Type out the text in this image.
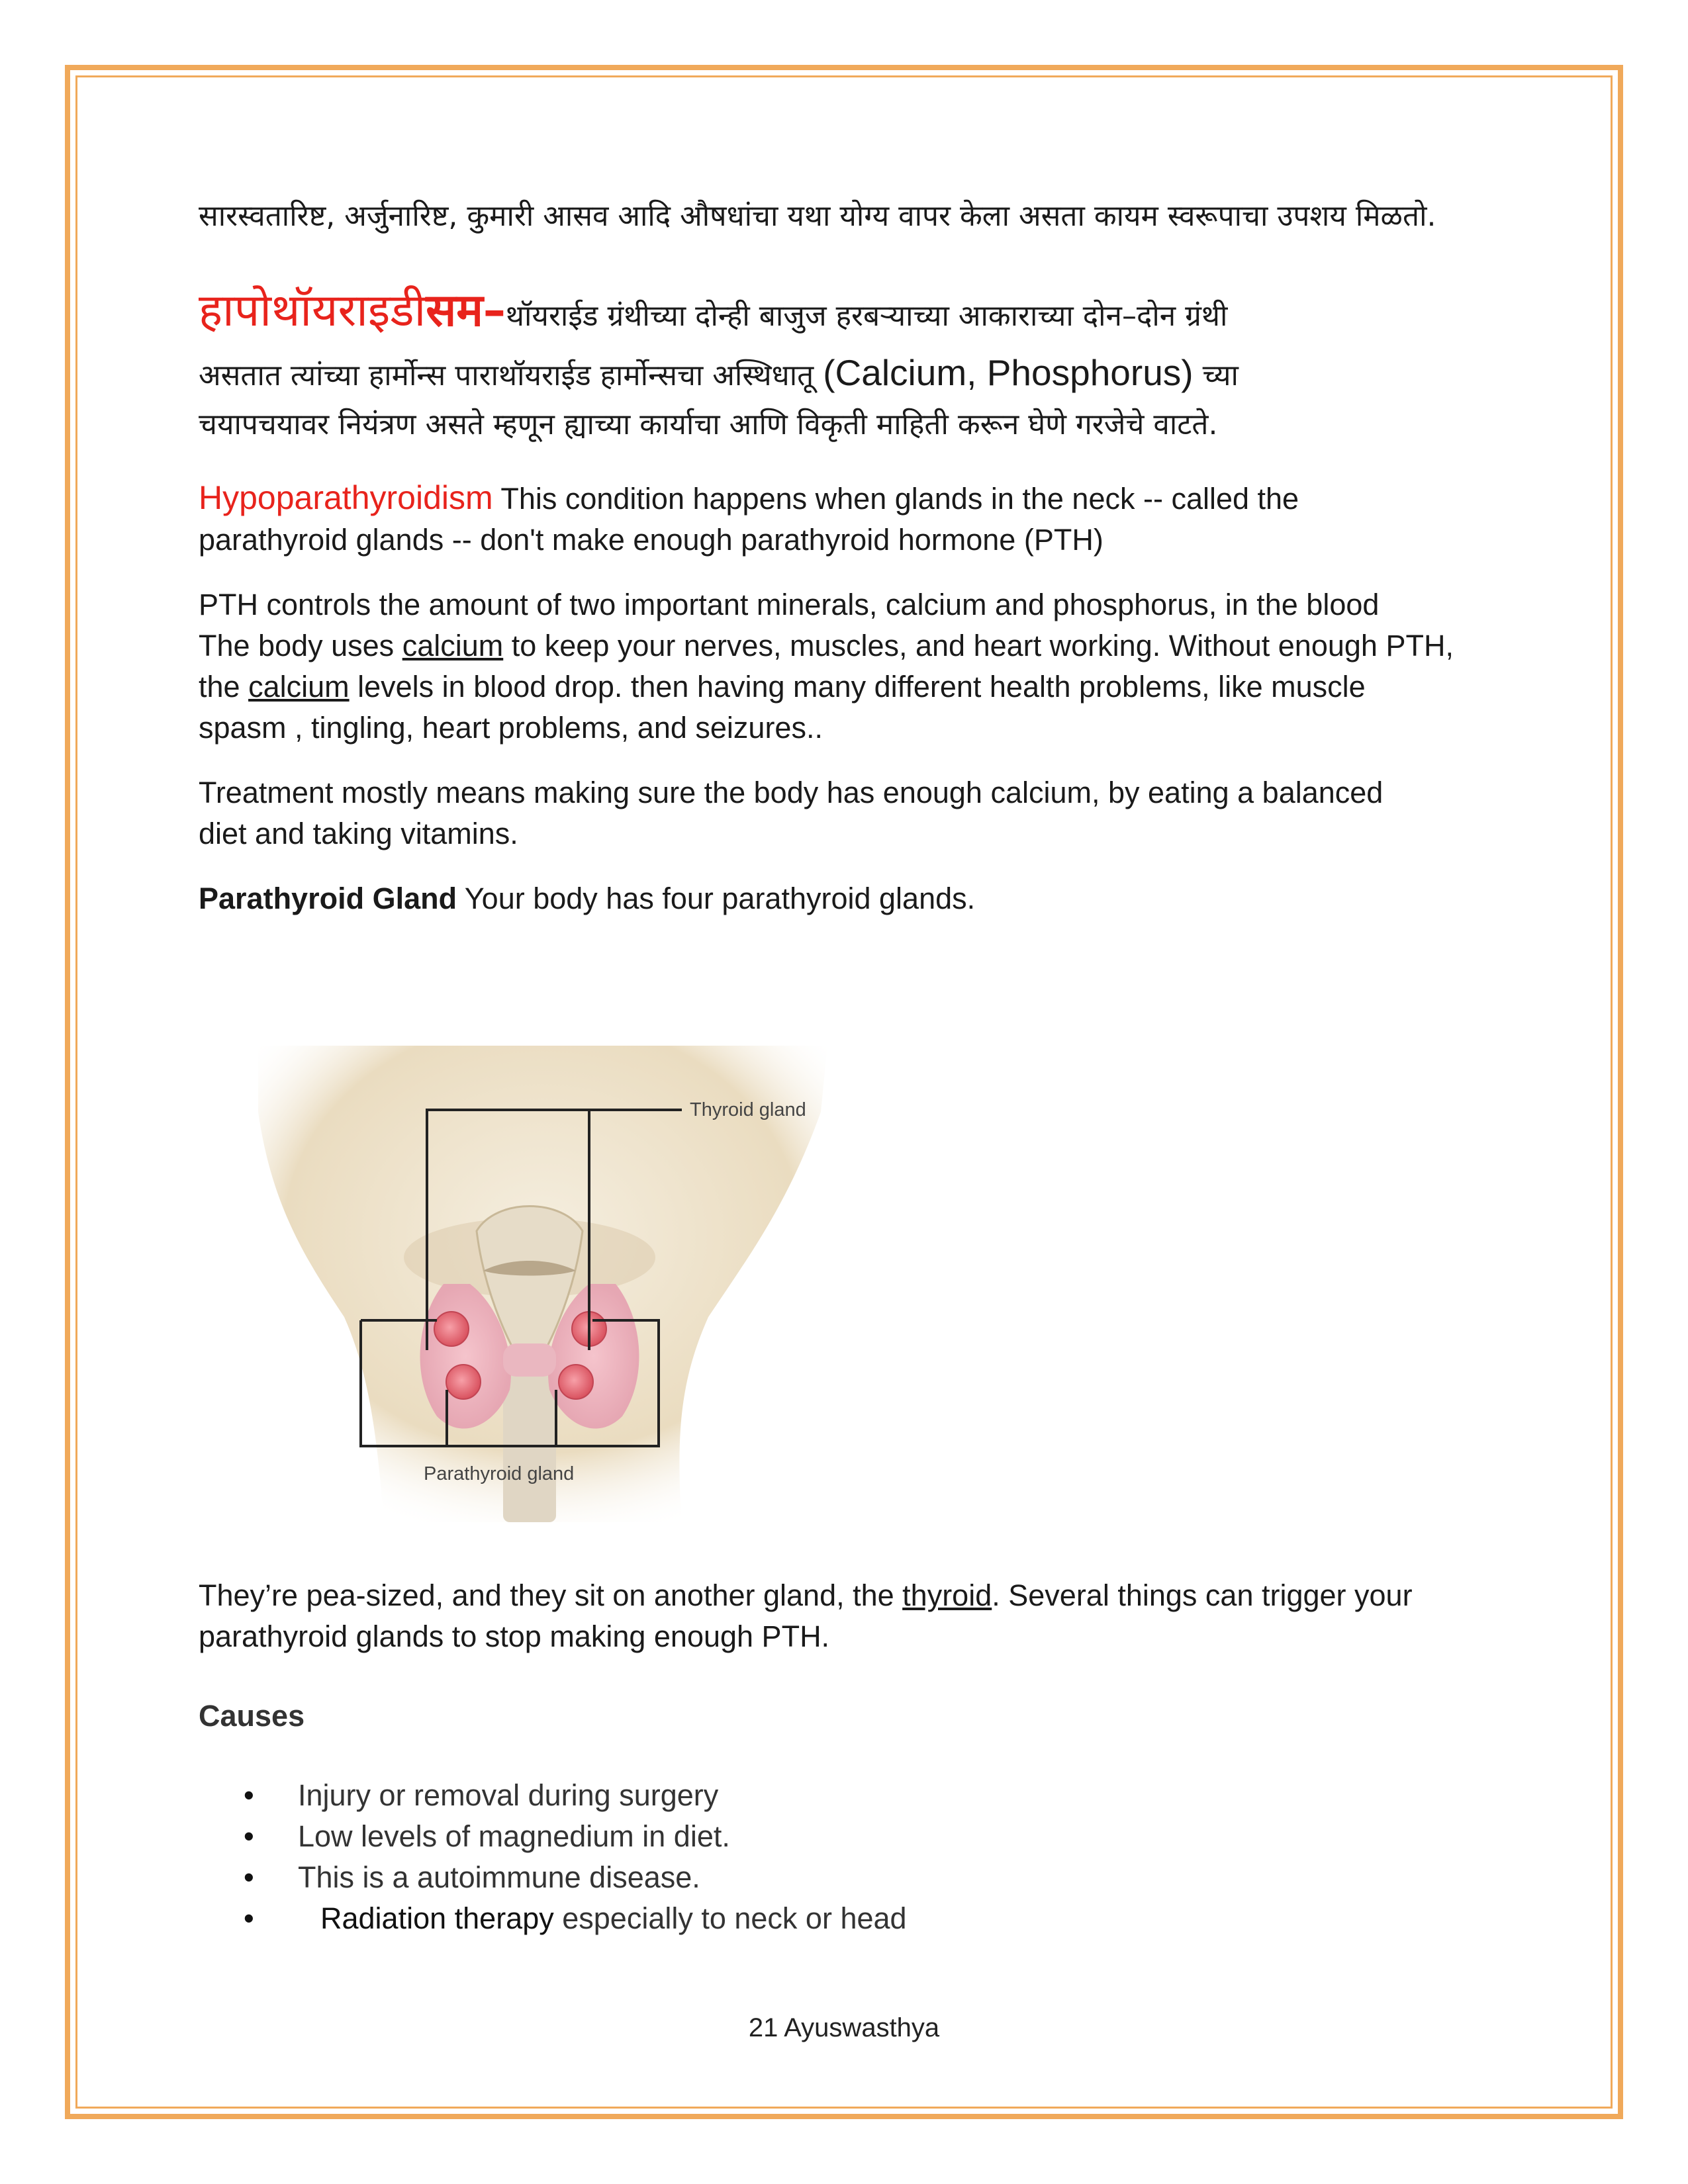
सारस्वतारिष्ट, अर्जुनारिष्ट, कुमारी आसव आदि औषधांचा यथा योग्य वापर केला असता कायम स्वरूपाचा उपशय मिळतो.

हापोथॉयराइडीसम–थॉयराईड ग्रंथीच्या दोन्ही बाजुज हरबऱ्याच्या आकाराच्या दोन–दोन ग्रंथी
असतात त्यांच्या हार्मोन्स पाराथॉयराईड हार्मोन्सचा अस्थिधातू (Calcium, Phosphorus) च्या
चयापचयावर नियंत्रण असते म्हणून ह्याच्या कार्याचा आणि विकृती माहिती करून घेणे गरजेचे वाटते.

Hypoparathyroidism This condition happens when glands in the neck -- called the
parathyroid glands -- don't make enough parathyroid hormone (PTH)

PTH controls the amount of two important minerals, calcium and phosphorus, in the blood
The body uses calcium to keep your nerves, muscles, and heart working. Without enough PTH,
the calcium levels in blood drop. then having many different health problems, like muscle
spasm , tingling, heart problems, and seizures..

Treatment mostly means making sure the body has enough calcium, by eating a balanced
diet and taking vitamins.

Parathyroid Gland Your body has four parathyroid glands.

Thyroid gland
Parathyroid gland

They’re pea-sized, and they sit on another gland, the thyroid. Several things can trigger your
parathyroid glands to stop making enough PTH.

Causes

• Injury or removal during surgery
• Low levels of magnedium in diet.
• This is a autoimmune disease.
• Radiation therapy especially to neck or head
21 Ayuswasthya
